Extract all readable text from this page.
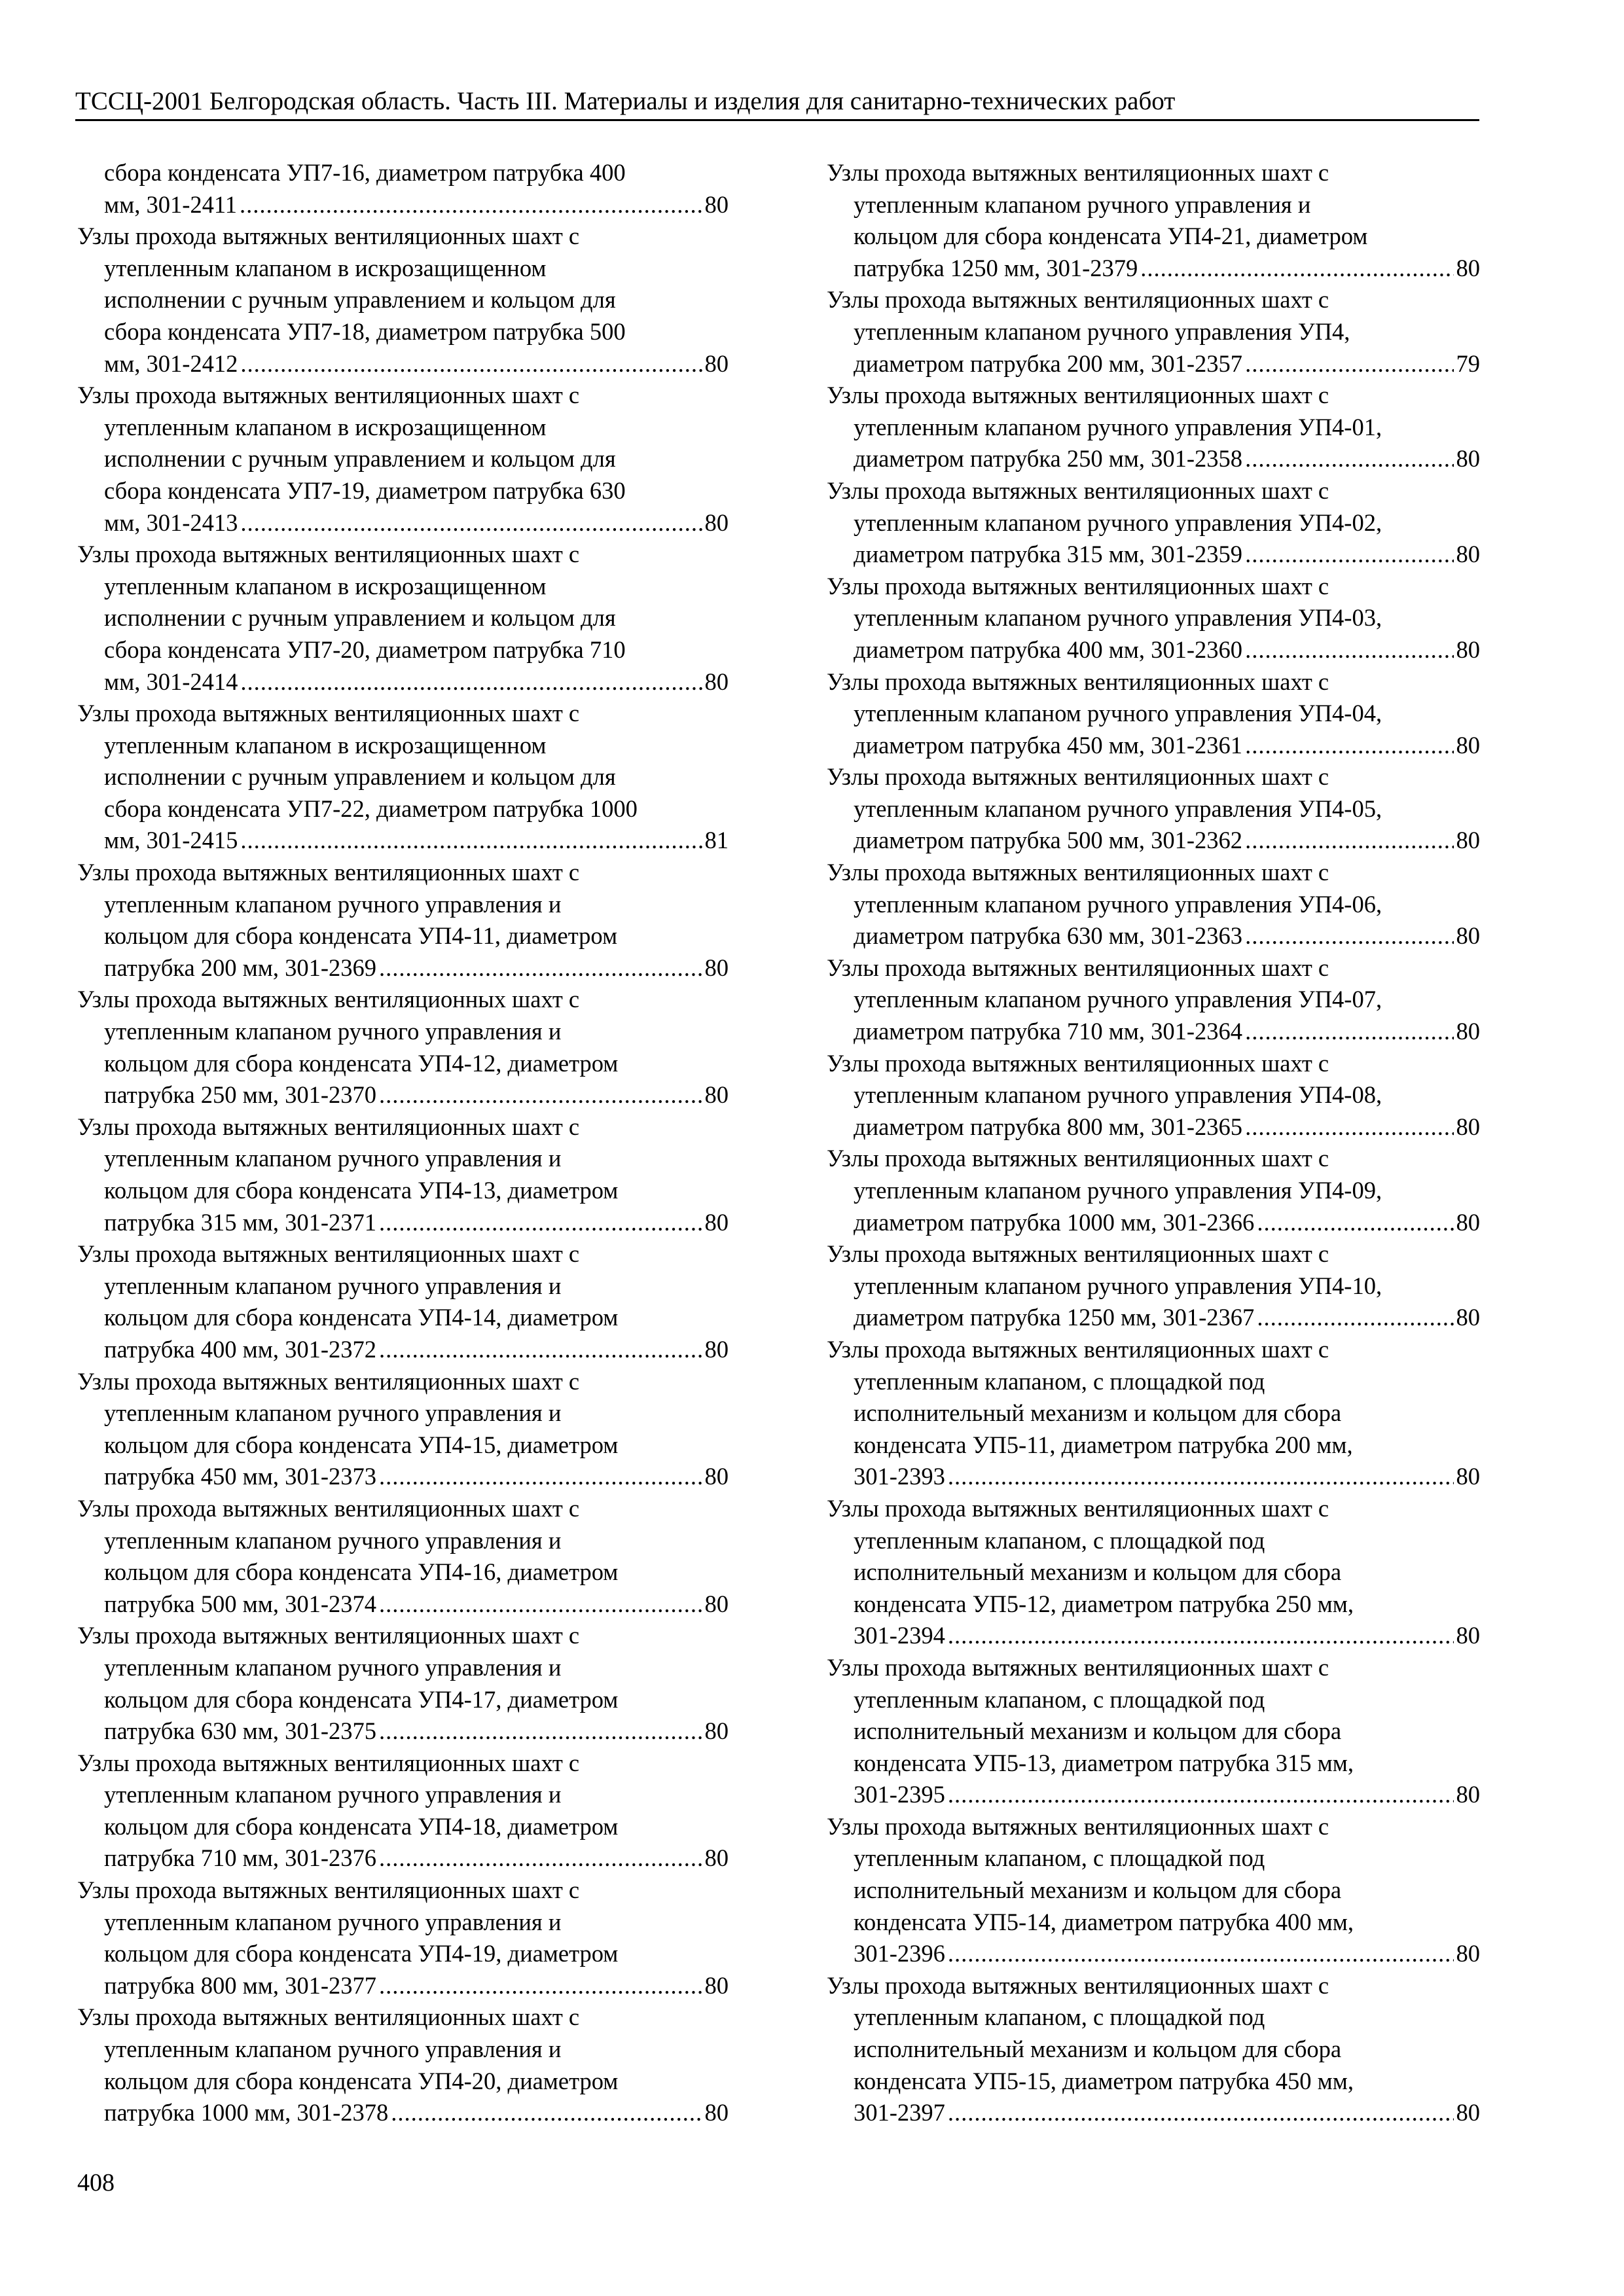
ТССЦ-2001 Белгородская область. Часть III. Материалы и изделия для санитарно-технических работ
сбора конденсата УП7-16, диаметром патрубка 400
мм, 301-2411 .....	80
Узлы прохода вытяжных вентиляционных шахт с
утепленным клапаном в искрозащищенном
исполнении с ручным управлением и кольцом для
сбора конденсата УП7-18, диаметром патрубка 500
мм, 301-2412 .....	80
Узлы прохода вытяжных вентиляционных шахт с
утепленным клапаном в искрозащищенном
исполнении с ручным управлением и кольцом для
сбора конденсата УП7-19, диаметром патрубка 630
мм, 301-2413 .....	80
Узлы прохода вытяжных вентиляционных шахт с
утепленным клапаном в искрозащищенном
исполнении с ручным управлением и кольцом для
сбора конденсата УП7-20, диаметром патрубка 710
мм, 301-2414 .....	80
Узлы прохода вытяжных вентиляционных шахт с
утепленным клапаном в искрозащищенном
исполнении с ручным управлением и кольцом для
сбора конденсата УП7-22, диаметром патрубка 1000
мм, 301-2415 .....	81
Узлы прохода вытяжных вентиляционных шахт с
утепленным клапаном ручного управления и
кольцом для сбора конденсата УП4-11, диаметром
патрубка 200 мм, 301-2369 .....	80
Узлы прохода вытяжных вентиляционных шахт с
утепленным клапаном ручного управления и
кольцом для сбора конденсата УП4-12, диаметром
патрубка 250 мм, 301-2370 .....	80
Узлы прохода вытяжных вентиляционных шахт с
утепленным клапаном ручного управления и
кольцом для сбора конденсата УП4-13, диаметром
патрубка 315 мм, 301-2371 .....	80
Узлы прохода вытяжных вентиляционных шахт с
утепленным клапаном ручного управления и
кольцом для сбора конденсата УП4-14, диаметром
патрубка 400 мм, 301-2372 .....	80
Узлы прохода вытяжных вентиляционных шахт с
утепленным клапаном ручного управления и
кольцом для сбора конденсата УП4-15, диаметром
патрубка 450 мм, 301-2373 .....	80
Узлы прохода вытяжных вентиляционных шахт с
утепленным клапаном ручного управления и
кольцом для сбора конденсата УП4-16, диаметром
патрубка 500 мм, 301-2374 .....	80
Узлы прохода вытяжных вентиляционных шахт с
утепленным клапаном ручного управления и
кольцом для сбора конденсата УП4-17, диаметром
патрубка 630 мм, 301-2375 .....	80
Узлы прохода вытяжных вентиляционных шахт с
утепленным клапаном ручного управления и
кольцом для сбора конденсата УП4-18, диаметром
патрубка 710 мм, 301-2376 .....	80
Узлы прохода вытяжных вентиляционных шахт с
утепленным клапаном ручного управления и
кольцом для сбора конденсата УП4-19, диаметром
патрубка 800 мм, 301-2377 .....	80
Узлы прохода вытяжных вентиляционных шахт с
утепленным клапаном ручного управления и
кольцом для сбора конденсата УП4-20, диаметром
патрубка 1000 мм, 301-2378 .....	80
Узлы прохода вытяжных вентиляционных шахт с
утепленным клапаном ручного управления и
кольцом для сбора конденсата УП4-21, диаметром
патрубка 1250 мм, 301-2379 .....	80
Узлы прохода вытяжных вентиляционных шахт с
утепленным клапаном ручного управления УП4,
диаметром патрубка 200 мм, 301-2357 .....	79
Узлы прохода вытяжных вентиляционных шахт с
утепленным клапаном ручного управления УП4-01,
диаметром патрубка 250 мм, 301-2358 .....	80
Узлы прохода вытяжных вентиляционных шахт с
утепленным клапаном ручного управления УП4-02,
диаметром патрубка 315 мм, 301-2359 .....	80
Узлы прохода вытяжных вентиляционных шахт с
утепленным клапаном ручного управления УП4-03,
диаметром патрубка 400 мм, 301-2360 .....	80
Узлы прохода вытяжных вентиляционных шахт с
утепленным клапаном ручного управления УП4-04,
диаметром патрубка 450 мм, 301-2361 .....	80
Узлы прохода вытяжных вентиляционных шахт с
утепленным клапаном ручного управления УП4-05,
диаметром патрубка 500 мм, 301-2362 .....	80
Узлы прохода вытяжных вентиляционных шахт с
утепленным клапаном ручного управления УП4-06,
диаметром патрубка 630 мм, 301-2363 .....	80
Узлы прохода вытяжных вентиляционных шахт с
утепленным клапаном ручного управления УП4-07,
диаметром патрубка 710 мм, 301-2364 .....	80
Узлы прохода вытяжных вентиляционных шахт с
утепленным клапаном ручного управления УП4-08,
диаметром патрубка 800 мм, 301-2365 .....	80
Узлы прохода вытяжных вентиляционных шахт с
утепленным клапаном ручного управления УП4-09,
диаметром патрубка 1000 мм, 301-2366 .....	80
Узлы прохода вытяжных вентиляционных шахт с
утепленным клапаном ручного управления УП4-10,
диаметром патрубка 1250 мм, 301-2367 .....	80
Узлы прохода вытяжных вентиляционных шахт с
утепленным клапаном, с площадкой под
исполнительный механизм и кольцом для сбора
конденсата УП5-11, диаметром патрубка 200 мм,
301-2393 .....	80
Узлы прохода вытяжных вентиляционных шахт с
утепленным клапаном, с площадкой под
исполнительный механизм и кольцом для сбора
конденсата УП5-12, диаметром патрубка 250 мм,
301-2394 .....	80
Узлы прохода вытяжных вентиляционных шахт с
утепленным клапаном, с площадкой под
исполнительный механизм и кольцом для сбора
конденсата УП5-13, диаметром патрубка 315 мм,
301-2395 .....	80
Узлы прохода вытяжных вентиляционных шахт с
утепленным клапаном, с площадкой под
исполнительный механизм и кольцом для сбора
конденсата УП5-14, диаметром патрубка 400 мм,
301-2396 .....	80
Узлы прохода вытяжных вентиляционных шахт с
утепленным клапаном, с площадкой под
исполнительный механизм и кольцом для сбора
конденсата УП5-15, диаметром патрубка 450 мм,
301-2397 .....	80
408
